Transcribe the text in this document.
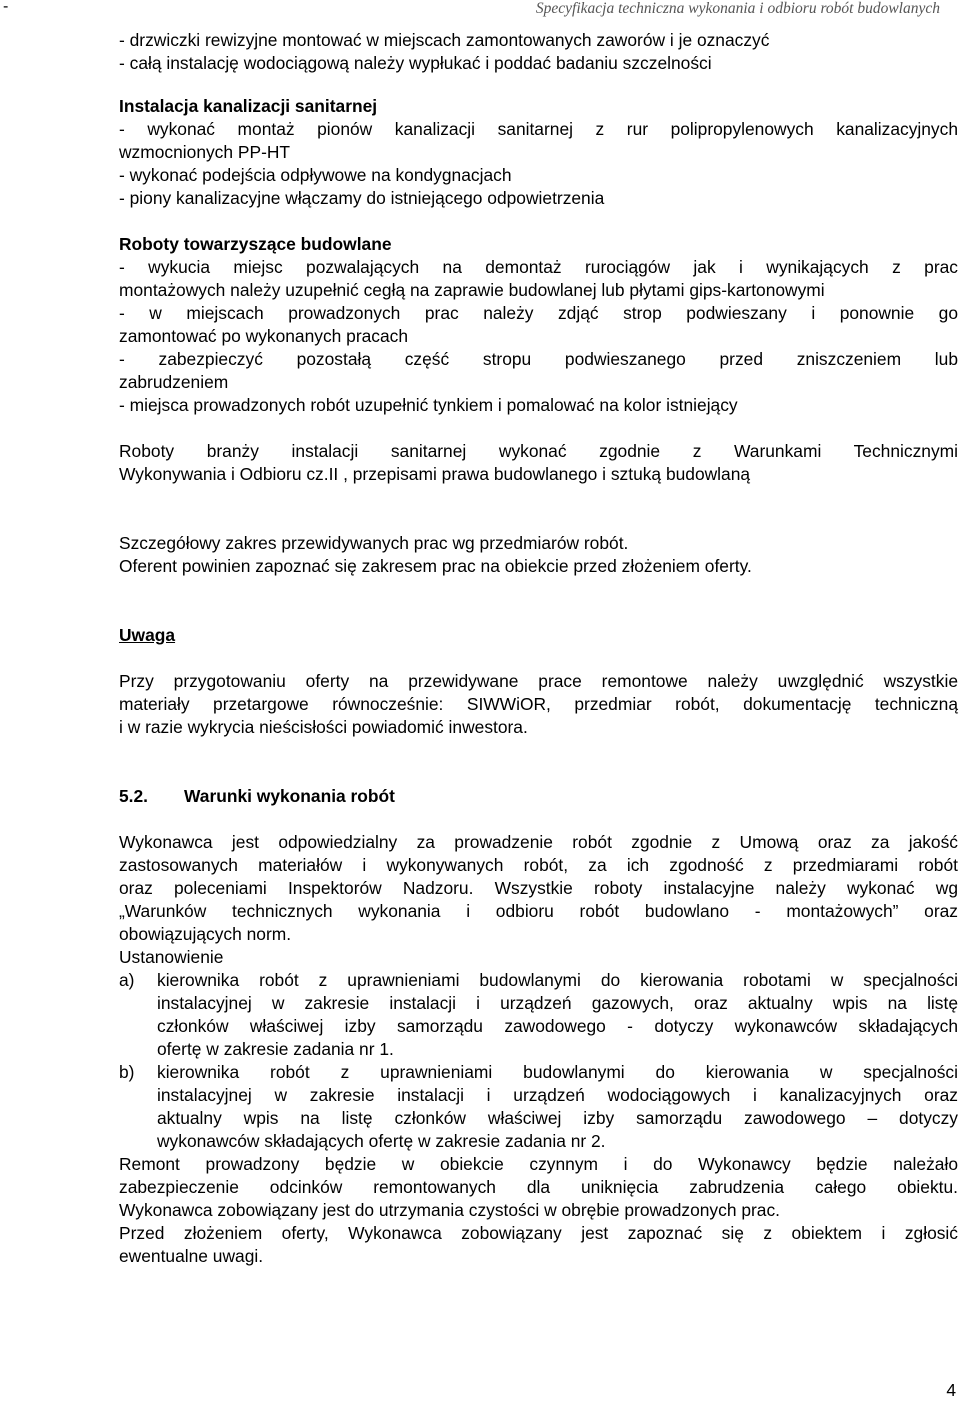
-	Specyfikacja techniczna wykonania i odbioru robót budowlanych
- drzwiczki rewizyjne montować w miejscach zamontowanych zaworów i je oznaczyć
- całą instalację wodociągową należy wypłukać i poddać badaniu szczelności
Instalacja kanalizacji sanitarnej
- wykonać montaż pionów kanalizacji sanitarnej z rur polipropylenowych kanalizacyjnych
wzmocnionych PP-HT
- wykonać podejścia odpływowe na kondygnacjach
- piony kanalizacyjne włączamy do istniejącego odpowietrzenia
Roboty towarzyszące budowlane
- wykucia miejsc pozwalających na demontaż rurociągów jak i wynikających z prac
montażowych należy uzupełnić cegłą na zaprawie budowlanej lub płytami gips-kartonowymi
- w miejscach prowadzonych prac należy zdjąć strop podwieszany i ponownie go
zamontować po wykonanych pracach
- zabezpieczyć pozostałą część stropu podwieszanego przed zniszczeniem lub
zabrudzeniem
- miejsca prowadzonych robót uzupełnić tynkiem i pomalować na kolor istniejący
Roboty branży instalacji sanitarnej wykonać zgodnie z Warunkami Technicznymi
Wykonywania i Odbioru cz.II , przepisami prawa budowlanego i sztuką budowlaną
Szczegółowy zakres przewidywanych prac wg przedmiarów robót.
Oferent powinien zapoznać się zakresem prac na obiekcie przed złożeniem oferty.
Uwaga
Przy przygotowaniu oferty na przewidywane prace remontowe należy uwzględnić wszystkie
materiały przetargowe równocześnie: SIWWiOR, przedmiar robót, dokumentację techniczną
i w razie wykrycia nieścisłości powiadomić inwestora.
5.2. Warunki wykonania robót
Wykonawca jest odpowiedzialny za prowadzenie robót zgodnie z Umową oraz za jakość
zastosowanych materiałów i wykonywanych robót, za ich zgodność z przedmiarami robót
oraz poleceniami Inspektorów Nadzoru. Wszystkie roboty instalacyjne należy wykonać wg
„Warunków technicznych wykonania i odbioru robót budowlano - montażowych” oraz
obowiązujących norm.
Ustanowienie
a) kierownika robót z uprawnieniami budowlanymi do kierowania robotami w specjalności
instalacyjnej w zakresie instalacji i urządzeń gazowych, oraz aktualny wpis na listę
członków właściwej izby samorządu zawodowego - dotyczy wykonawców składających
ofertę w zakresie zadania nr 1.
b) kierownika robót z uprawnieniami budowlanymi do kierowania w specjalności
instalacyjnej w zakresie instalacji i urządzeń wodociągowych i kanalizacyjnych oraz
aktualny wpis na listę członków właściwej izby samorządu zawodowego – dotyczy
wykonawców składających ofertę w zakresie zadania nr 2.
Remont prowadzony będzie w obiekcie czynnym i do Wykonawcy będzie należało
zabezpieczenie odcinków remontowanych dla uniknięcia zabrudzenia całego obiektu.
Wykonawca zobowiązany jest do utrzymania czystości w obrębie prowadzonych prac.
Przed złożeniem oferty, Wykonawca zobowiązany jest zapoznać się z obiektem i zgłosić
ewentualne uwagi.
4
